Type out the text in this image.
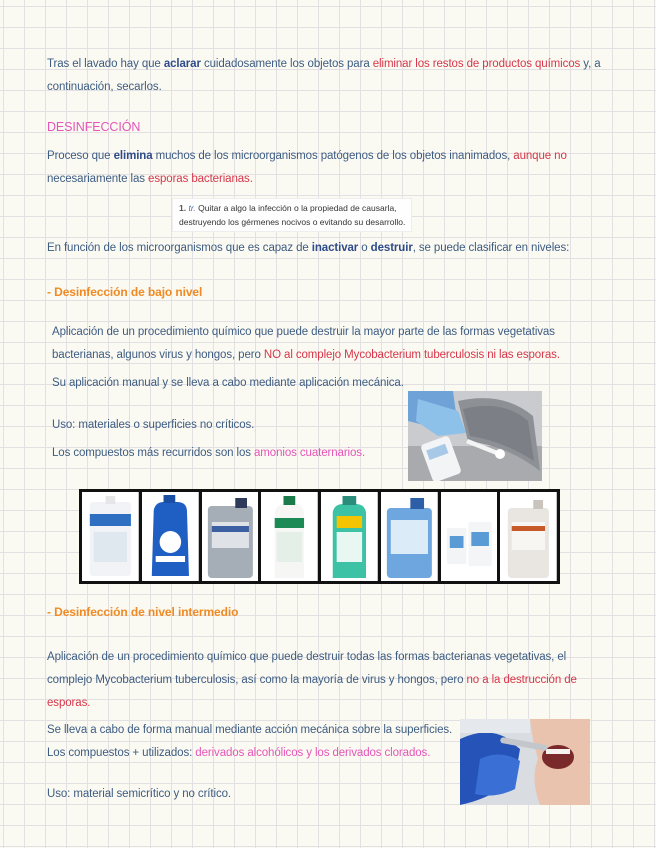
Tras el lavado hay que aclarar cuidadosamente los objetos para eliminar los restos de productos químicos y, a
continuación, secarlos.
DESINFECCIÓN
Proceso que elimina muchos de los microorganismos patógenos de los objetos inanimados, aunque no
necesariamente las esporas bacterianas.
1. tr. Quitar a algo la infección o la propiedad de causarla,
destruyendo los gérmenes nocivos o evitando su desarrollo.
En función de los microorganismos que es capaz de inactivar o destruir, se puede clasificar en niveles:
- Desinfección de bajo nivel
Aplicación de un procedimiento químico que puede destruir la mayor parte de las formas vegetativas
bacterianas, algunos virus y hongos, pero NO al complejo Mycobacterium tuberculosis ni las esporas.
Su aplicación manual y se lleva a cabo mediante aplicación mecánica.
Uso: materiales o superficies no críticos.
Los compuestos más recurridos son los amonios cuaternarios.
- Desinfección de nivel intermedio
Aplicación de un procedimiento químico que puede destruir todas las formas bacterianas vegetativas, el
complejo Mycobacterium tuberculosis, así como la mayoría de virus y hongos, pero no a la destrucción de
esporas.
Se lleva a cabo de forma manual mediante acción mecánica sobre la superficies.
Los compuestos + utilizados: derivados alcohólicos y los derivados clorados.
Uso: material semicrítico y no crítico.
